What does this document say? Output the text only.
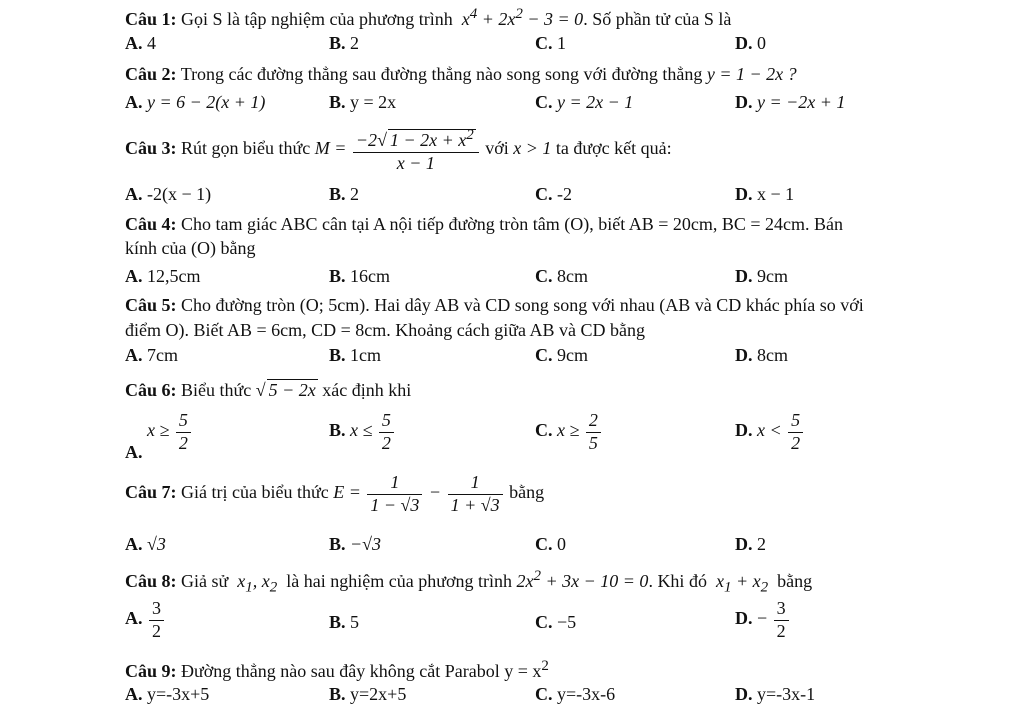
Câu 1: Gọi S là tập nghiệm của phương trình  $x^4 + 2x^2 - 3 = 0$. Số phần tử của S là
A. 4	B. 2	C. 1	D. 0
Câu 2: Trong các đường thẳng sau đường thẳng nào song song với đường thẳng y = 1 − 2x ?
A. y = 6 − 2(x + 1)	B. y = 2x	C. y = 2x − 1	D. y = −2x + 1
Câu 3: Rút gọn biểu thức $M = \frac{-2√ 1 - 2x + x^2}{x - 1}$ với x > 1 ta được kết quả:
A. -2(x − 1)	B. 2	C. -2	D. x − 1
Câu 4: Cho tam giác ABC cân tại A nội tiếp đường tròn tâm (O), biết AB = 20cm, BC = 24cm. Bán
kính của (O) bằng
A. 12,5cm	B. 16cm	C. 8cm	D. 9cm
Câu 5: Cho đường tròn (O; 5cm). Hai dây AB và CD song song với nhau (AB và CD khác phía so với
điểm O). Biết AB = 6cm, CD = 8cm. Khoảng cách giữa AB và CD bằng
A. 7cm	B. 1cm	C. 9cm	D. 8cm
Câu 6: Biểu thức √ 5 − 2x xác định khi
A. $x \ge \frac{5}{2}$	B. $x \le \frac{5}{2}$	C. $x \ge \frac{2}{5}$	D. $x < \frac{5}{2}$
Câu 7: Giá trị của biểu thức $E = \frac{1}{1 - √3} - \frac{1}{1 + √3}$ bằng
A. √3	B. −√3	C. 0	D. 2
Câu 8: Giả sử  $x_1$, $x_2$ là hai nghiệm của phương trình $2x^2 + 3x - 10 = 0$. Khi đó  $x_1 + x_2$ bằng
A. $\frac{3}{2}$	B. 5	C. −5	D. − $\frac{3}{2}$
Câu 9: Đường thẳng nào sau đây không cắt Parabol $y = x^2$
A. y=-3x+5	B. y=2x+5	C. y=-3x-6	D. y=-3x-1
